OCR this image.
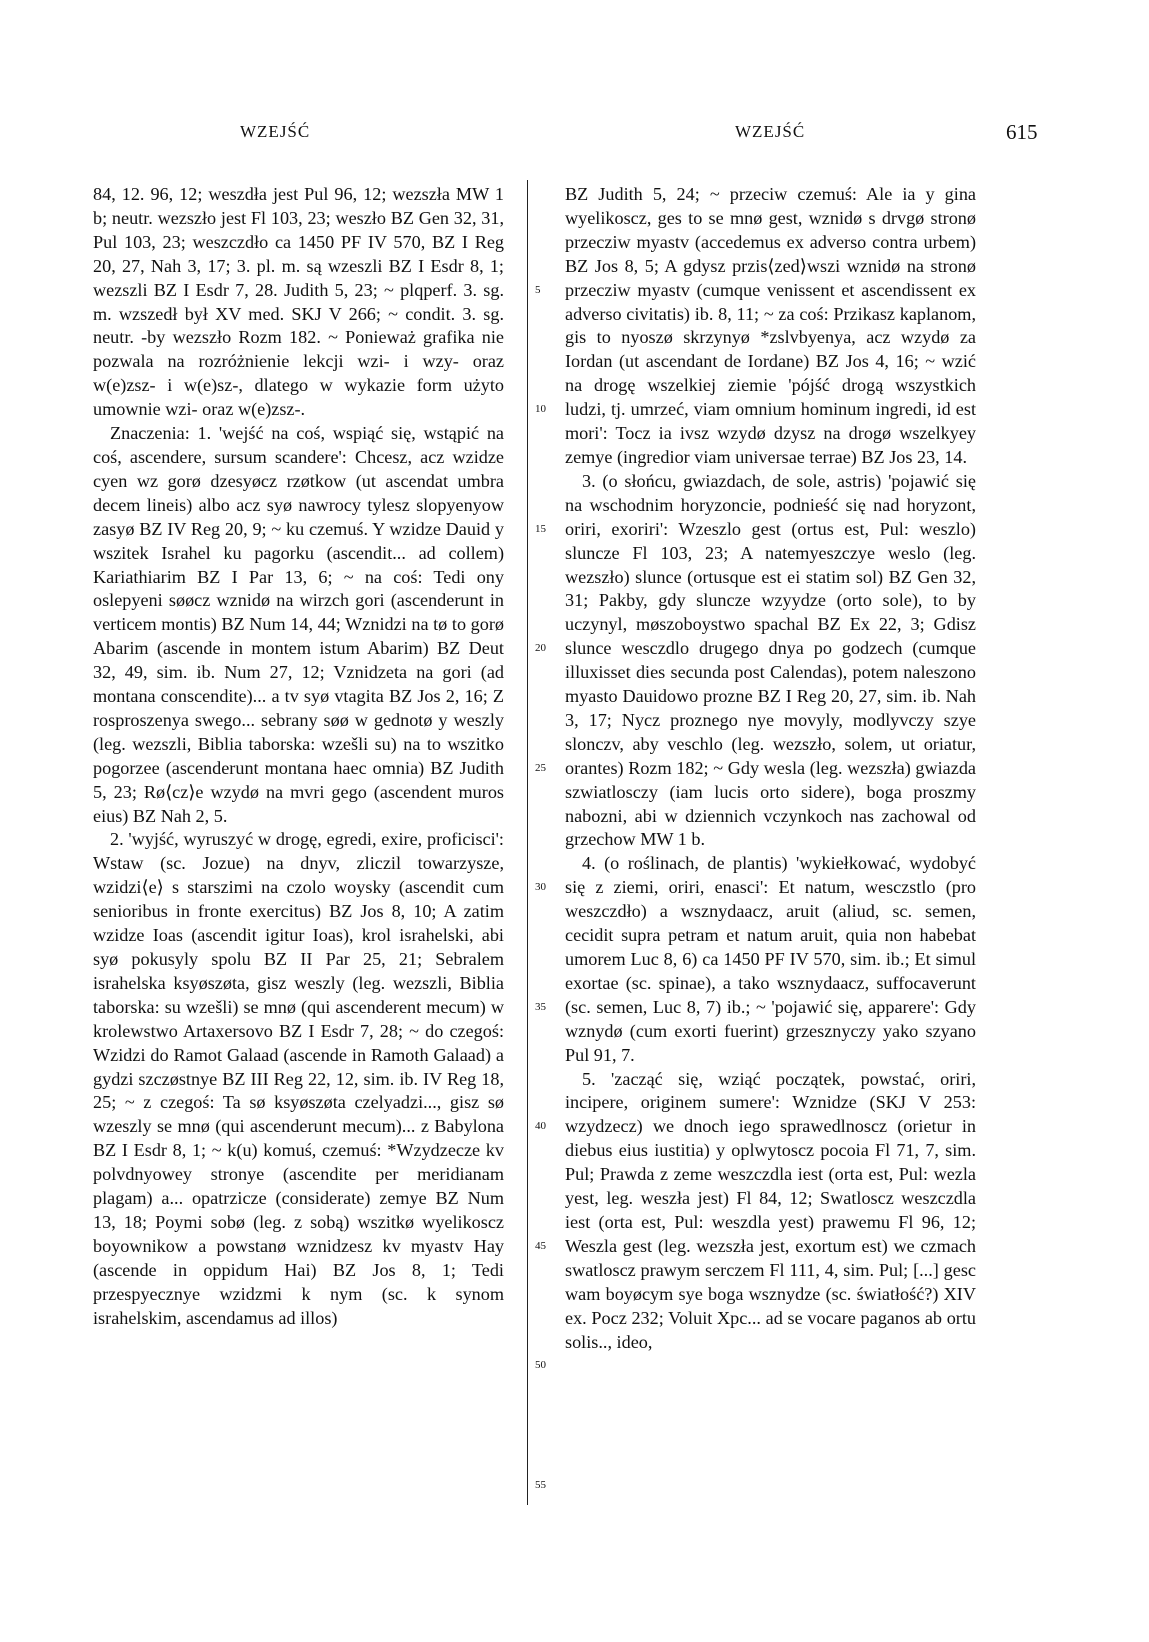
WZEJŚĆ	WZEJŚĆ	615

84, 12. 96, 12; weszdła jest Pul 96, 12; wezszła MW 1 b; neutr. wezszło jest Fl 103, 23; weszło BZ Gen 32, 31, Pul 103, 23; weszczdło ca 1450 PF IV 570, BZ I Reg 20, 27, Nah 3, 17; 3. pl. m. są wzeszli BZ I Esdr 8, 1; wezszli BZ I Esdr 7, 28. Judith 5, 23; ~ plqperf. 3. sg. m. wzszedł był XV med. SKJ V 266; ~ condit. 3. sg. neutr. -by wezszło Rozm 182. ~ Ponieważ grafika nie pozwala na rozróżnienie lekcji wzi- i wzy- oraz w(e)zsz- i w(e)sz-, dlatego w wykazie form użyto umownie wzi- oraz w(e)zsz-.

Znaczenia: 1. 'wejść na coś, wspiąć się, wstąpić na coś, ascendere, sursum scandere': Chcesz, acz wzidze cyen wz gorø dzesyøcz rzøtkow (ut ascendat umbra decem lineis) albo acz syø nawrocy tylesz slopyenyow zasyø BZ IV Reg 20, 9; ~ ku czemuś. Y wzidze Dauid y wszitek Israhel ku pagorku (ascendit... ad collem) Kariathiarim BZ I Par 13, 6; ~ na coś: Tedi ony oslepyeni søøcz wznidø na wirzch gori (ascenderunt in verticem montis) BZ Num 14, 44; Wznidzi na tø to gorø Abarim (ascende in montem istum Abarim) BZ Deut 32, 49, sim. ib. Num 27, 12; Vznidzeta na gori (ad montana conscendite)... a tv syø vtagita BZ Jos 2, 16; Z rosproszenya swego... sebrany søø w gednotø y weszly (leg. wezszli, Biblia taborska: wzešli su) na to wszitko pogorzee (ascenderunt montana haec omnia) BZ Judith 5, 23; Rø⟨cz⟩e wzydø na mvri gego (ascendent muros eius) BZ Nah 2, 5.

2. 'wyjść, wyruszyć w drogę, egredi, exire, proficisci': Wstaw (sc. Jozue) na dnyv, zliczil towarzysze, wzidzi⟨e⟩ s starszimi na czolo woysky (ascendit cum senioribus in fronte exercitus) BZ Jos 8, 10; A zatim wzidze Ioas (ascendit igitur Ioas), krol israhelski, abi syø pokusyly spolu BZ II Par 25, 21; Sebralem israhelska ksyøszøta, gisz weszly (leg. wezszli, Biblia taborska: su wzešli) se mnø (qui ascenderent mecum) w krolewstwo Artaxersovo BZ I Esdr 7, 28; ~ do czegoś: Wzidzi do Ramot Galaad (ascende in Ramoth Galaad) a gydzi szczøstnye BZ III Reg 22, 12, sim. ib. IV Reg 18, 25; ~ z czegoś: Ta sø ksyøszøta czelyadzi..., gisz sø wzeszly se mnø (qui ascenderunt mecum)... z Babylona BZ I Esdr 8, 1; ~ k(u) komuś, czemuś: *Wzydzecze kv polvdnyowey stronye (ascendite per meridianam plagam) a... opatrzicze (considerate) zemye BZ Num 13, 18; Poymi sobø (leg. z sobą) wszitkø wyelikoscz boyownikow a powstanø wznidzesz kv myastv Hay (ascende in oppidum Hai) BZ Jos 8, 1; Tedi przespyecznye wzidzmi k nym (sc. k synom israhelskim, ascendamus ad illos)

5
10
15
20
25
30
35
40
45
50
55

BZ Judith 5, 24; ~ przeciw czemuś: Ale ia y gina wyelikoscz, ges to se mnø gest, wznidø s drvgø stronø przeczіw myastv (accedemus ex adverso contra urbem) BZ Jos 8, 5; A gdysz przis⟨zed⟩wszi wznidø na stronø przecziw myastv (cumque venissent et ascendissent ex adverso civitatis) ib. 8, 11; ~ za coś: Przikasz kaplanom, gis to nyoszø skrzynyø *zslvbyenya, acz wzydø za Iordan (ut ascendant de Iordane) BZ Jos 4, 16; ~ wzić na drogę wszelkiej ziemie 'pójść drogą wszystkich ludzi, tj. umrzeć, viam omnium hominum ingredi, id est mori': Tocz ia ivsz wzydø dzysz na drogø wszelkyey zemye (ingredior viam universae terrae) BZ Jos 23, 14.

3. (o słońcu, gwiazdach, de sole, astris) 'pojawić się na wschodnim horyzoncie, podnieść się nad horyzont, oriri, exoriri': Wzeszlo gest (ortus est, Pul: weszlo) sluncze Fl 103, 23; A natemyeszczye weslo (leg. wezszło) slunce (ortusque est ei statim sol) BZ Gen 32, 31; Pakby, gdy sluncze wzyydze (orto sole), to by uczynyl, møszoboystwo spachal BZ Ex 22, 3; Gdisz slunce wesczdlo drugego dnya po godzech (cumque illuxisset dies secunda post Calendas), potem naleszono myasto Dauidowo prozne BZ I Reg 20, 27, sim. ib. Nah 3, 17; Nycz proznego nye movyly, modlyvczy szye slonczv, aby veschlo (leg. wezszło, solem, ut oriatur, orantes) Rozm 182; ~ Gdy wesla (leg. wezszła) gwiazda szwiatlosczy (iam lucis orto sidere), boga proszmy nabozni, abi w dziennich vczynkoch nas zachowal od grzechow MW 1 b.

4. (o roślinach, de plantis) 'wykiełkować, wydobyć się z ziemi, oriri, enasci': Et natum, wesczstlo (pro weszczdło) a wsznydaacz, aruit (aliud, sc. semen, cecidit supra petram et natum aruit, quia non habebat umorem Luc 8, 6) ca 1450 PF IV 570, sim. ib.; Et simul exortae (sc. spinae), a tako wsznydaacz, suffocaverunt (sc. semen, Luc 8, 7) ib.; ~ 'pojawić się, apparere': Gdy wznydø (cum exorti fuerint) grzesznyczy yako szyano Pul 91, 7.

5. 'zacząć się, wziąć początek, powstać, oriri, incipere, originem sumere': Wznidze (SKJ V 253: wzydzecz) we dnoch iego sprawedlnoscz (orietur in diebus eius iustitia) y oplwytoscz pocoia Fl 71, 7, sim. Pul; Prawda z zeme weszczdla iest (orta est, Pul: wezla yest, leg. weszła jest) Fl 84, 12; Swatloscz weszczdla iest (orta est, Pul: weszdla yest) prawemu Fl 96, 12; Weszla gest (leg. wezszła jest, exortum est) we czmach swatloscz prawym serczem Fl 111, 4, sim. Pul; [...] gesc wam boyøcym sye boga wsznydze (sc. światłość?) XIV ex. Pocz 232; Voluit Xpc... ad se vocare paganos ab ortu solis.., ideo,
